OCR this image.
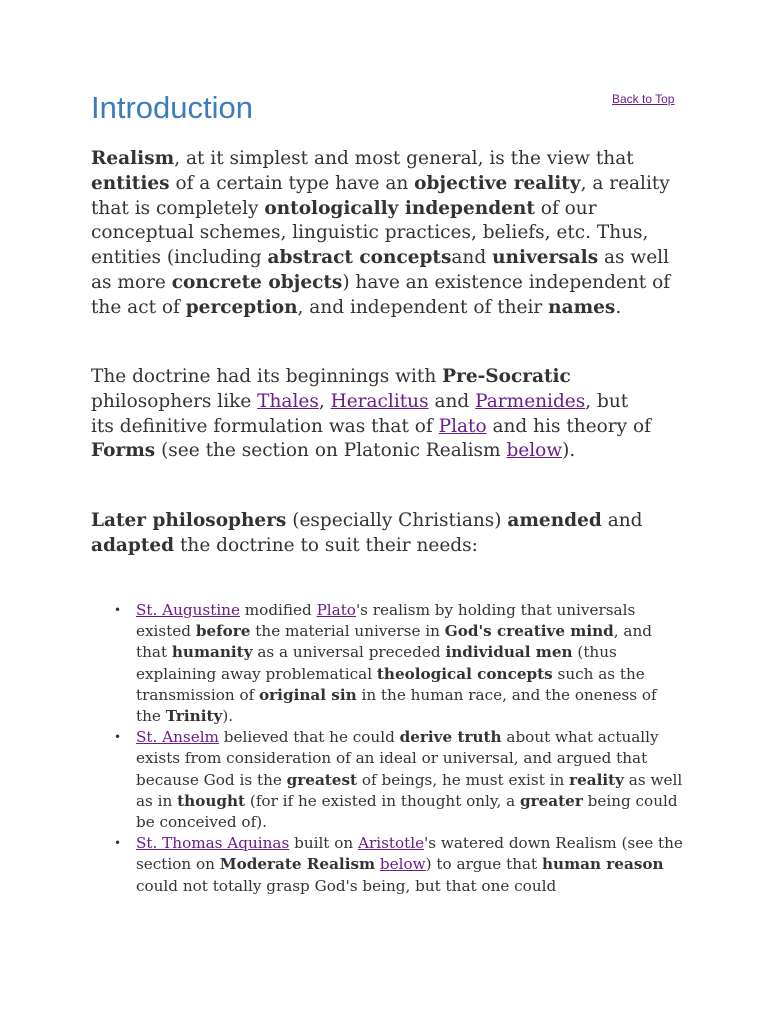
Introduction	Back to Top

Realism, at it simplest and most general, is the view that entities of a certain type have an objective reality, a reality that is completely ontologically independent of our conceptual schemes, linguistic practices, beliefs, etc. Thus, entities (including abstract conceptsand universals as well as more concrete objects) have an existence independent of the act of perception, and independent of their names.

The doctrine had its beginnings with Pre-Socratic philosophers like Thales, Heraclitus and Parmenides, but its definitive formulation was that of Plato and his theory of Forms (see the section on Platonic Realism below).

Later philosophers (especially Christians) amended and adapted the doctrine to suit their needs:

• St. Augustine modified Plato's realism by holding that universals existed before the material universe in God's creative mind, and that humanity as a universal preceded individual men (thus explaining away problematical theological concepts such as the transmission of original sin in the human race, and the oneness of the Trinity).
• St. Anselm believed that he could derive truth about what actually exists from consideration of an ideal or universal, and argued that because God is the greatest of beings, he must exist in reality as well as in thought (for if he existed in thought only, a greater being could be conceived of).
• St. Thomas Aquinas built on Aristotle's watered down Realism (see the section on Moderate Realism below) to argue that human reason could not totally grasp God's being, but that one could
